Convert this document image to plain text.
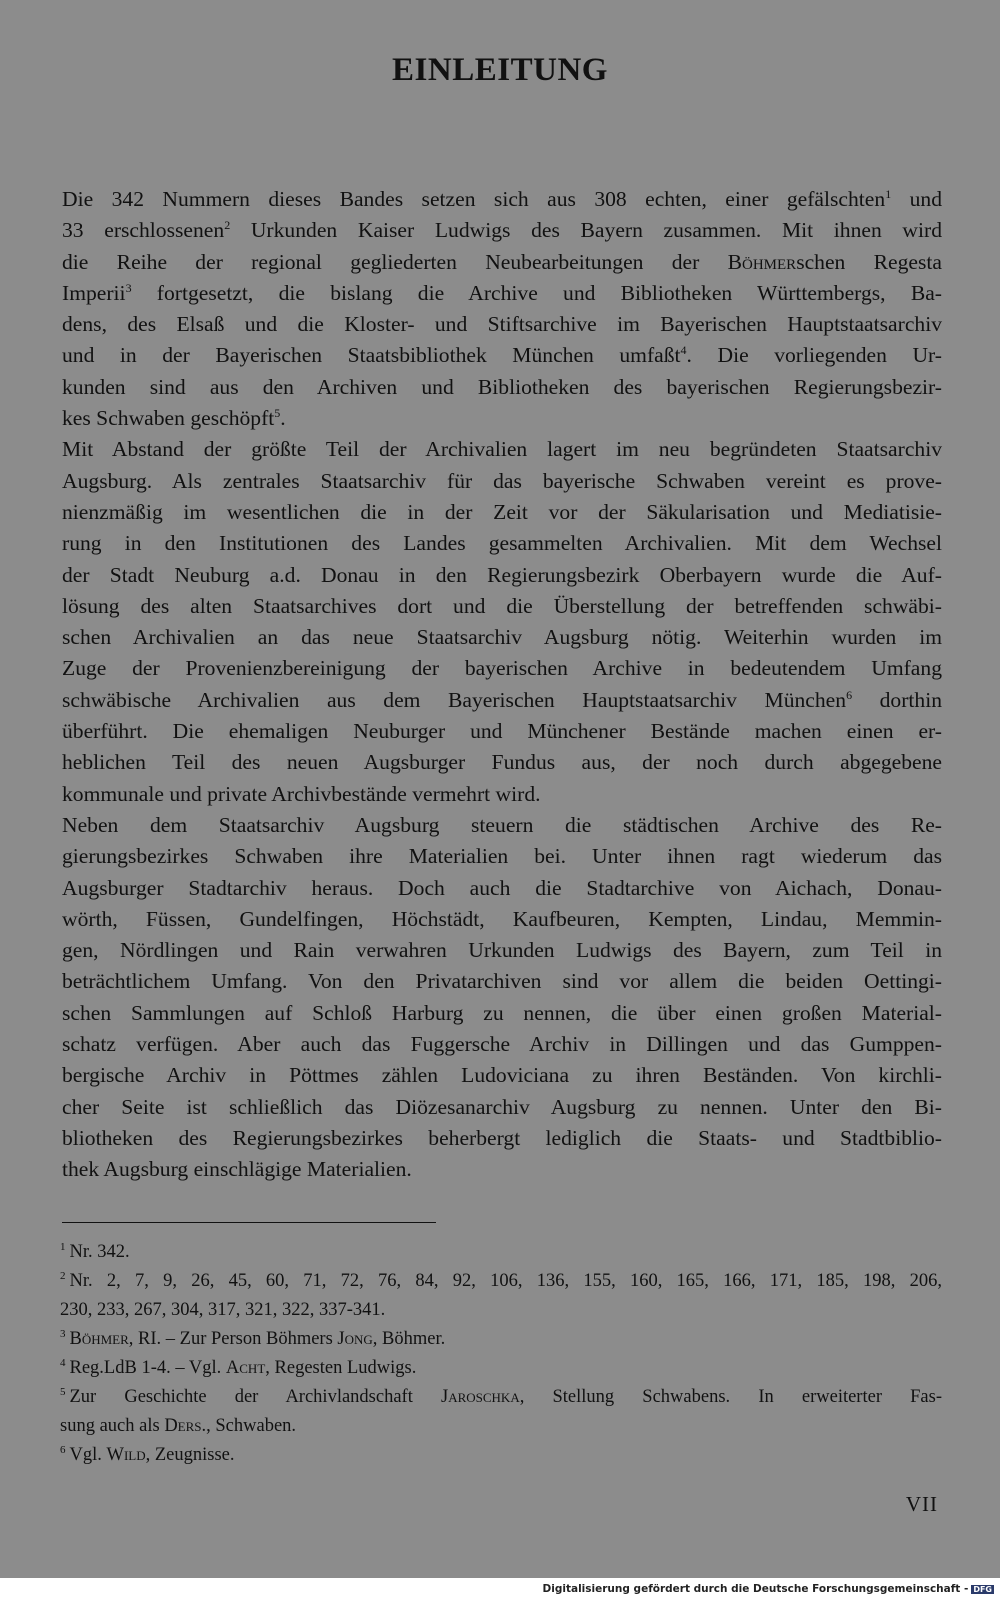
EINLEITUNG
Die 342 Nummern dieses Bandes setzen sich aus 308 echten, einer gefälschten$^1$ und
33 erschlossenen$^2$ Urkunden Kaiser Ludwigs des Bayern zusammen. Mit ihnen wird
die Reihe der regional gegliederten Neubearbeitungen der Böhmerschen Regesta
Imperii$^3$ fortgesetzt, die bislang die Archive und Bibliotheken Württembergs, Ba-
dens, des Elsaß und die Kloster- und Stiftsarchive im Bayerischen Hauptstaatsarchiv
und in der Bayerischen Staatsbibliothek München umfaßt$^4$. Die vorliegenden Ur-
kunden sind aus den Archiven und Bibliotheken des bayerischen Regierungsbezir-
kes Schwaben geschöpft$^5$.
Mit Abstand der größte Teil der Archivalien lagert im neu begründeten Staatsarchiv
Augsburg. Als zentrales Staatsarchiv für das bayerische Schwaben vereint es prove-
nienzmäßig im wesentlichen die in der Zeit vor der Säkularisation und Mediatisie-
rung in den Institutionen des Landes gesammelten Archivalien. Mit dem Wechsel
der Stadt Neuburg a.d. Donau in den Regierungsbezirk Oberbayern wurde die Auf-
lösung des alten Staatsarchives dort und die Überstellung der betreffenden schwäbi-
schen Archivalien an das neue Staatsarchiv Augsburg nötig. Weiterhin wurden im
Zuge der Provenienzbereinigung der bayerischen Archive in bedeutendem Umfang
schwäbische Archivalien aus dem Bayerischen Hauptstaatsarchiv München$^6$ dorthin
überführt. Die ehemaligen Neuburger und Münchener Bestände machen einen er-
heblichen Teil des neuen Augsburger Fundus aus, der noch durch abgegebene
kommunale und private Archivbestände vermehrt wird.
Neben dem Staatsarchiv Augsburg steuern die städtischen Archive des Re-
gierungsbezirkes Schwaben ihre Materialien bei. Unter ihnen ragt wiederum das
Augsburger Stadtarchiv heraus. Doch auch die Stadtarchive von Aichach, Donau-
wörth, Füssen, Gundelfingen, Höchstädt, Kaufbeuren, Kempten, Lindau, Memmin-
gen, Nördlingen und Rain verwahren Urkunden Ludwigs des Bayern, zum Teil in
beträchtlichem Umfang. Von den Privatarchiven sind vor allem die beiden Oettingi-
schen Sammlungen auf Schloß Harburg zu nennen, die über einen großen Material-
schatz verfügen. Aber auch das Fuggersche Archiv in Dillingen und das Gumppen-
bergische Archiv in Pöttmes zählen Ludoviciana zu ihren Beständen. Von kirchli-
cher Seite ist schließlich das Diözesanarchiv Augsburg zu nennen. Unter den Bi-
bliotheken des Regierungsbezirkes beherbergt lediglich die Staats- und Stadtbiblio-
thek Augsburg einschlägige Materialien.
$^1$ Nr. 342.
$^2$ Nr. 2, 7, 9, 26, 45, 60, 71, 72, 76, 84, 92, 106, 136, 155, 160, 165, 166, 171, 185, 198, 206,
230, 233, 267, 304, 317, 321, 322, 337-341.
$^3$ Böhmer, RI. – Zur Person Böhmers Jong, Böhmer.
$^4$ Reg.LdB 1-4. – Vgl. Acht, Regesten Ludwigs.
$^5$ Zur Geschichte der Archivlandschaft Jaroschka, Stellung Schwabens. In erweiterter Fas-
sung auch als Ders., Schwaben.
$^6$ Vgl. Wild, Zeugnisse.
VII
Digitalisierung gefördert durch die Deutsche Forschungsgemeinschaft - DFG
